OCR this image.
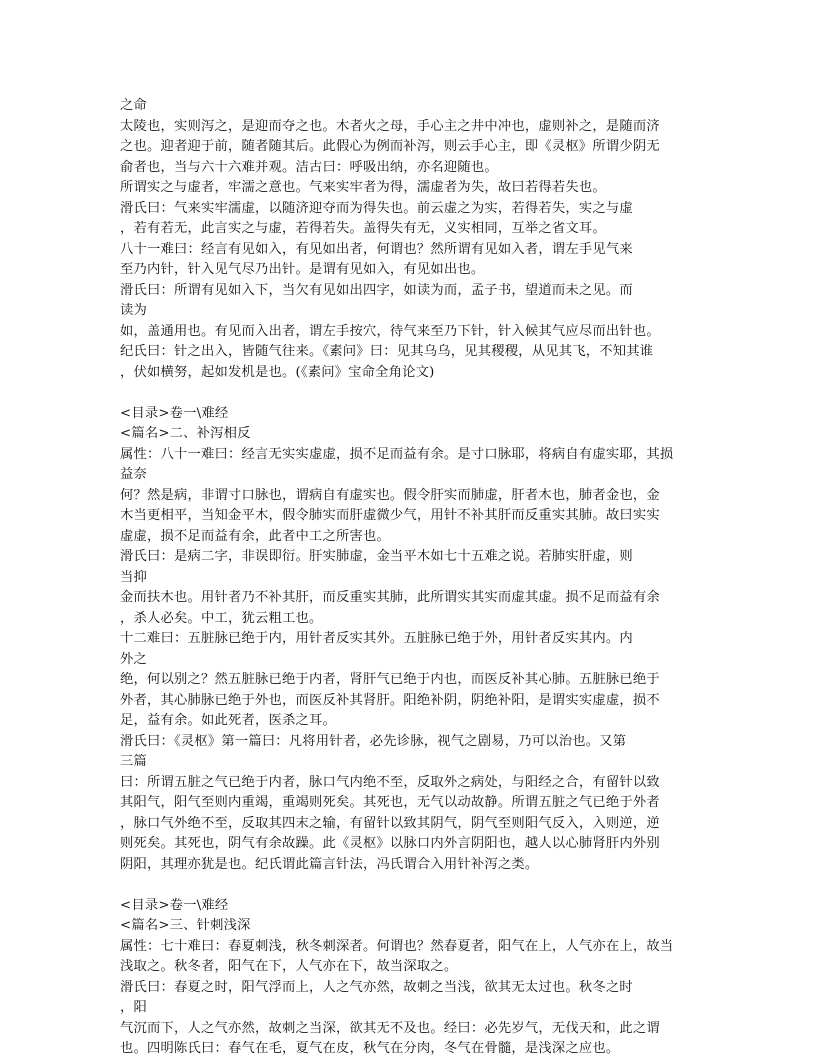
之命
太陵也，实则泻之，是迎而夺之也。木者火之母，手心主之井中冲也，虚则补之，是随而济
之也。迎者迎于前，随者随其后。此假心为例而补泻，则云手心主，即《灵枢》所谓少阴无
俞者也，当与六十六难并观。洁古曰：呼吸出纳，亦名迎随也。
所谓实之与虚者，牢濡之意也。气来实牢者为得，濡虚者为失，故曰若得若失也。
滑氏曰：气来实牢濡虚，以随济迎夺而为得失也。前云虚之为实，若得若失，实之与虚
，若有若无，此言实之与虚，若得若失。盖得失有无，义实相同，互举之省文耳。
八十一难曰：经言有见如入，有见如出者，何谓也？然所谓有见如入者，谓左手见气来
至乃内针，针入见气尽乃出针。是谓有见如入，有见如出也。
滑氏曰：所谓有见如入下，当欠有见如出四字，如读为而，孟子书，望道而未之见。而
读为
如，盖通用也。有见而入出者，谓左手按穴，待气来至乃下针，针入候其气应尽而出针也。
纪氏曰：针之出入，皆随气往来。《素问》曰：见其乌乌，见其稷稷，从见其飞，不知其谁
，伏如横努，起如发机是也。(《素问》宝命全角论文)
<目录>卷一\难经
<篇名>二、补泻相反
属性：八十一难曰：经言无实实虚虚，损不足而益有余。是寸口脉耶，将病自有虚实耶，其损
益奈
何？然是病，非谓寸口脉也，谓病自有虚实也。假令肝实而肺虚，肝者木也，肺者金也，金
木当更相平，当知金平木，假令肺实而肝虚微少气，用针不补其肝而反重实其肺。故曰实实
虚虚，损不足而益有余，此者中工之所害也。
滑氏曰：是病二字，非误即衍。肝实肺虚，金当平木如七十五难之说。若肺实肝虚，则
当抑
金而扶木也。用针者乃不补其肝，而反重实其肺，此所谓实其实而虚其虚。损不足而益有余
，杀人必矣。中工，犹云粗工也。
十二难曰：五脏脉已绝于内，用针者反实其外。五脏脉已绝于外，用针者反实其内。内
外之
绝，何以别之？然五脏脉已绝于内者，肾肝气已绝于内也，而医反补其心肺。五脏脉已绝于
外者，其心肺脉已绝于外也，而医反补其肾肝。阳绝补阴，阴绝补阳，是谓实实虚虚，损不
足，益有余。如此死者，医杀之耳。
滑氏曰：《灵枢》第一篇曰：凡将用针者，必先诊脉，视气之剧易，乃可以治也。又第
三篇
曰：所谓五脏之气已绝于内者，脉口气内绝不至，反取外之病处，与阳经之合，有留针以致
其阳气，阳气至则内重竭，重竭则死矣。其死也，无气以动故静。所谓五脏之气已绝于外者
，脉口气外绝不至，反取其四末之输，有留针以致其阴气，阴气至则阳气反入，入则逆，逆
则死矣。其死也，阴气有余故躁。此《灵枢》以脉口内外言阴阳也，越人以心肺肾肝内外别
阴阳，其理亦犹是也。纪氏谓此篇言针法，冯氏谓合入用针补泻之类。
<目录>卷一\难经
<篇名>三、针刺浅深
属性：七十难曰：春夏刺浅，秋冬刺深者。何谓也？然春夏者，阳气在上，人气亦在上，故当
浅取之。秋冬者，阳气在下，人气亦在下，故当深取之。
滑氏曰：春夏之时，阳气浮而上，人之气亦然，故刺之当浅，欲其无太过也。秋冬之时
，阳
气沉而下，人之气亦然，故刺之当深，欲其无不及也。经曰：必先岁气，无伐天和，此之谓
也。四明陈氏曰：春气在毛，夏气在皮，秋气在分肉，冬气在骨髓，是浅深之应也。
